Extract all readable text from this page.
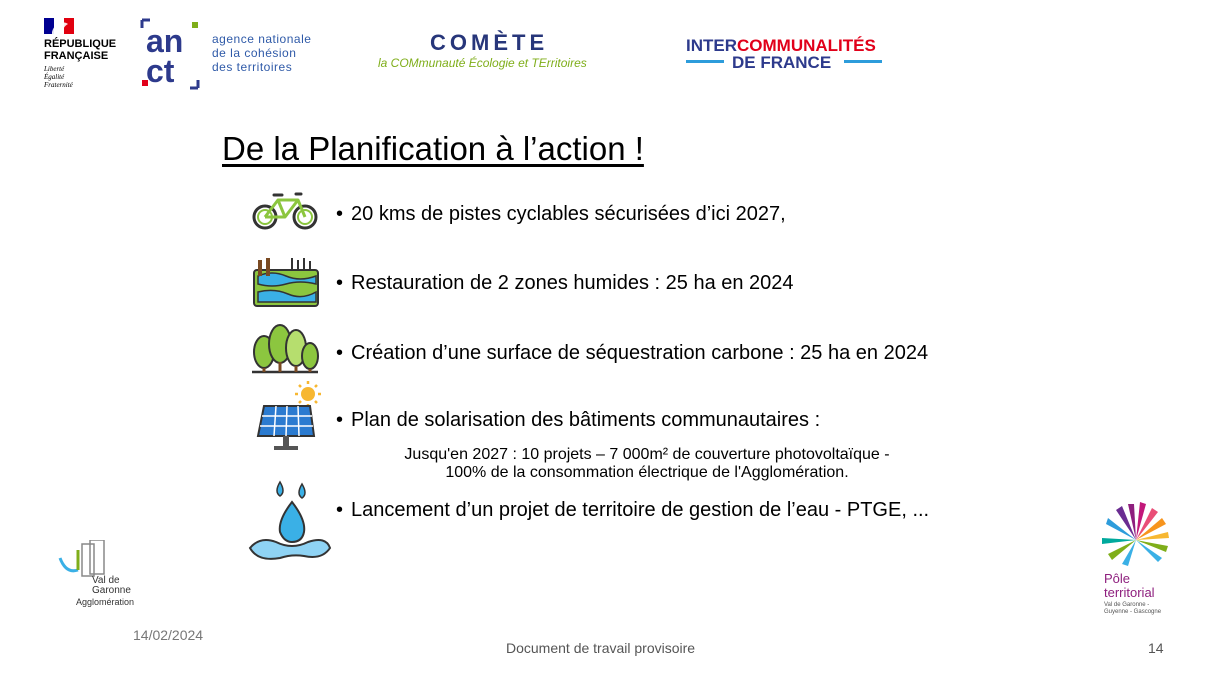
RÉPUBLIQUE
FRANÇAISE
Liberté
Égalité
Fraternité
an
ct
agence nationale
de la cohésion
des territoires
COMÈTE
la COMmunauté Écologie et TErritoires
INTERCOMMUNALITÉS
DE FRANCE
De la Planification à l’action !
• 20 kms de pistes cyclables sécurisées d’ici 2027,
• Restauration de 2 zones humides : 25 ha en 2024
• Création d’une surface de séquestration carbone : 25 ha en 2024
• Plan de solarisation des bâtiments communautaires :
Jusqu'en 2027 : 10 projets – 7 000m² de couverture photovoltaïque -
100% de la consommation électrique de l'Agglomération.
• Lancement d’un projet de territoire de gestion de l’eau - PTGE, ...
Val de
Garonne
Agglomération
Pôle
territorial
Val de Garonne -
Guyenne - Gascogne
14/02/2024
Document de travail provisoire	14
